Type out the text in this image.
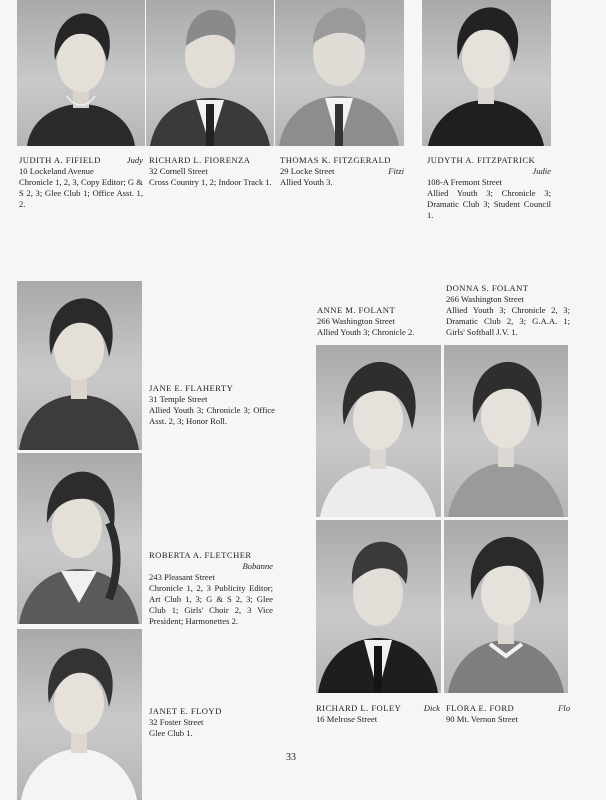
JUDITH A. FIFIELD	Judy
10 Lockeland Avenue
Chronicle 1, 2, 3, Copy Editor; G & S 2, 3; Glee Club 1; Office Asst. 1, 2.
RICHARD L. FIORENZA
32 Cornell Street
Cross Country 1, 2; Indoor Track 1.
THOMAS K. FITZGERALD
Fitzi
29 Locke Street
Allied Youth 3.
JUDYTH A. FITZPATRICK
Judie
108-A Fremont Street
Allied Youth 3; Chronicle 3; Dramatic Club 3; Student Council 1.
JANE E. FLAHERTY
31 Temple Street
Allied Youth 3; Chronicle 3; Office Asst. 2, 3; Honor Roll.
ROBERTA A. FLETCHER
Bobanne
243 Pleasant Street
Chronicle 1, 2, 3 Publicity Editor; Art Club 1, 3; G & S 2, 3; Glee Club 1; Girls' Choir 2, 3 Vice President; Harmonettes 2.
JANET E. FLOYD
32 Foster Street
Glee Club 1.
ANNE M. FOLANT
266 Washington Street
Allied Youth 3; Chronicle 2.
DONNA S. FOLANT
266 Washington Street
Allied Youth 3; Chronicle 2, 3; Dramatic Club 2, 3; G.A.A. 1; Girls' Softball J.V. 1.
RICHARD L. FOLEY	Dick
16 Melrose Street
FLORA E. FORD	Flo
90 Mt. Vernon Street
33
